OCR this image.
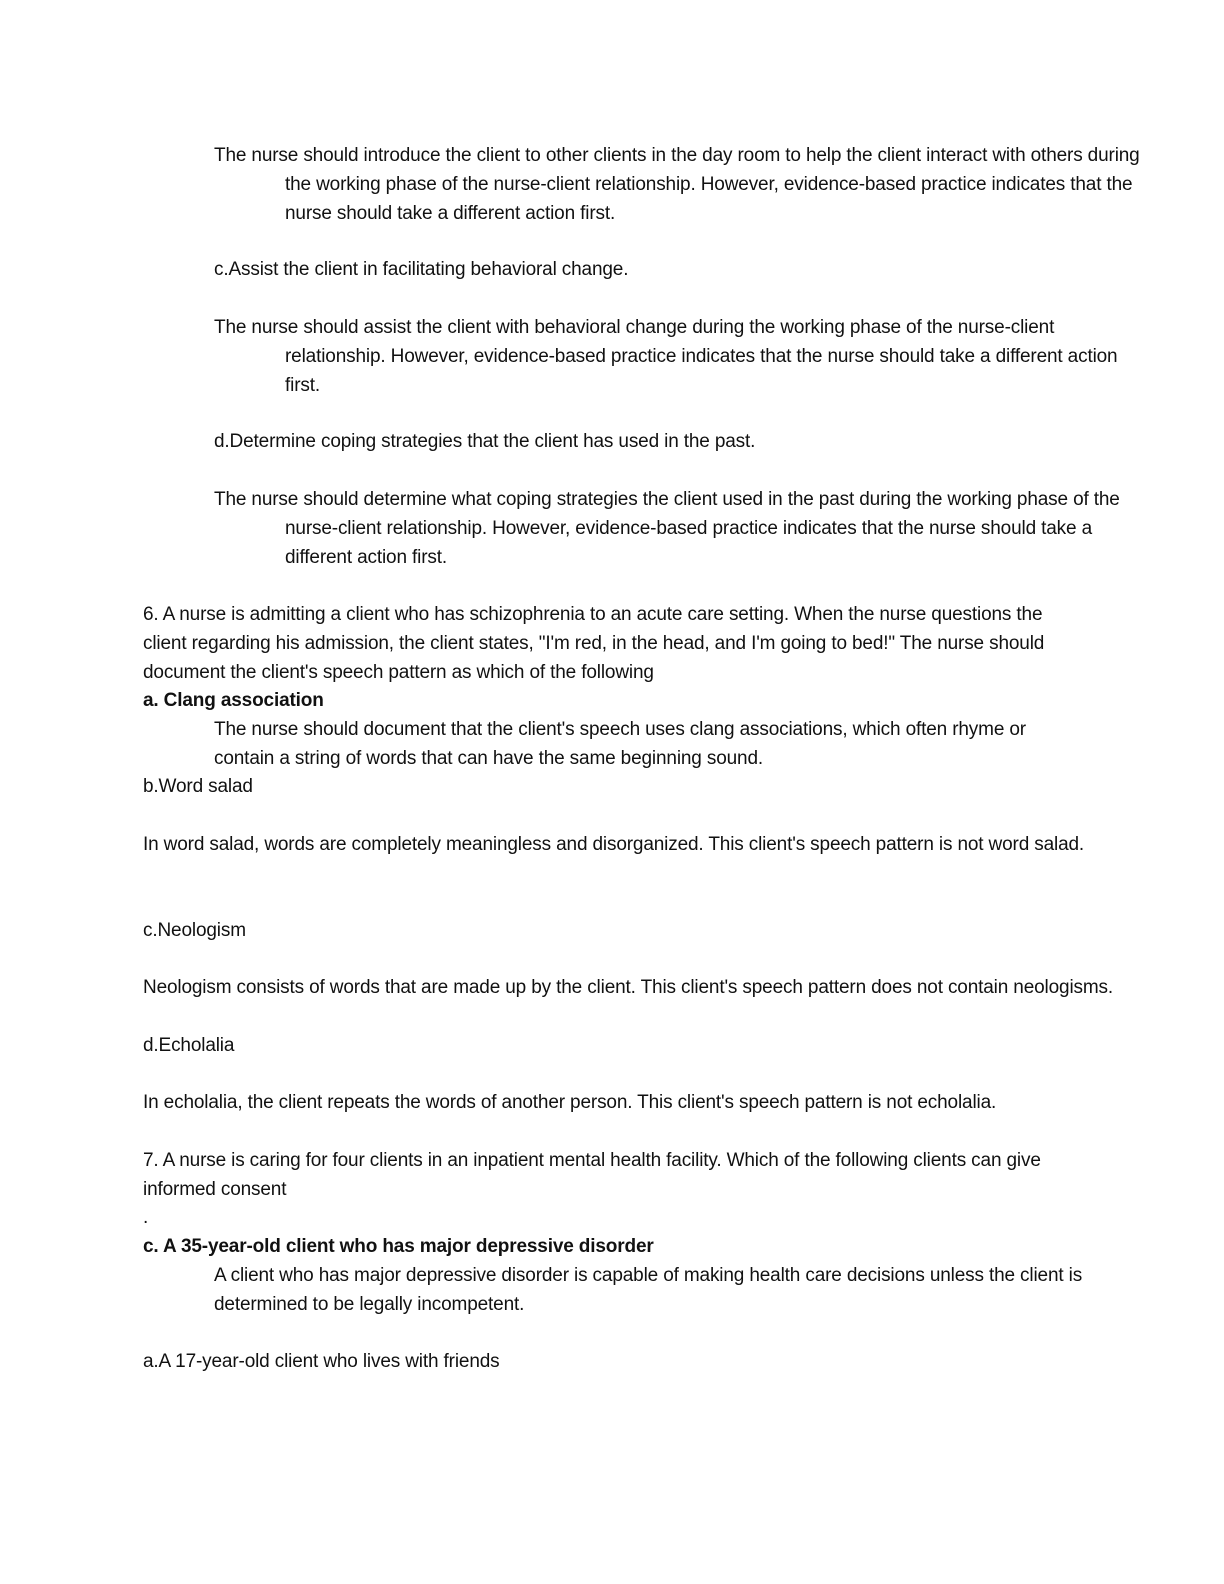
The nurse should introduce the client to other clients in the day room to help the client interact with others during the working phase of the nurse-client relationship. However, evidence-based practice indicates that the nurse should take a different action first.

c.Assist the client in facilitating behavioral change.

The nurse should assist the client with behavioral change during the working phase of the nurse-client relationship. However, evidence-based practice indicates that the nurse should take a different action first.

d.Determine coping strategies that the client has used in the past.

The nurse should determine what coping strategies the client used in the past during the working phase of the nurse-client relationship. However, evidence-based practice indicates that the nurse should take a different action first.

6. A nurse is admitting a client who has schizophrenia to an acute care setting. When the nurse questions the client regarding his admission, the client states, "I'm red, in the head, and I'm going to bed!" The nurse should document the client's speech pattern as which of the following

a. Clang association

The nurse should document that the client's speech uses clang associations, which often rhyme or contain a string of words that can have the same beginning sound.

b.Word salad

In word salad, words are completely meaningless and disorganized. This client's speech pattern is not word salad.

c.Neologism

Neologism consists of words that are made up by the client. This client's speech pattern does not contain neologisms.

d.Echolalia

In echolalia, the client repeats the words of another person. This client's speech pattern is not echolalia.

7. A nurse is caring for four clients in an inpatient mental health facility. Which of the following clients can give informed consent

.

c. A 35-year-old client who has major depressive disorder

A client who has major depressive disorder is capable of making health care decisions unless the client is determined to be legally incompetent.

a.A 17-year-old client who lives with friends
